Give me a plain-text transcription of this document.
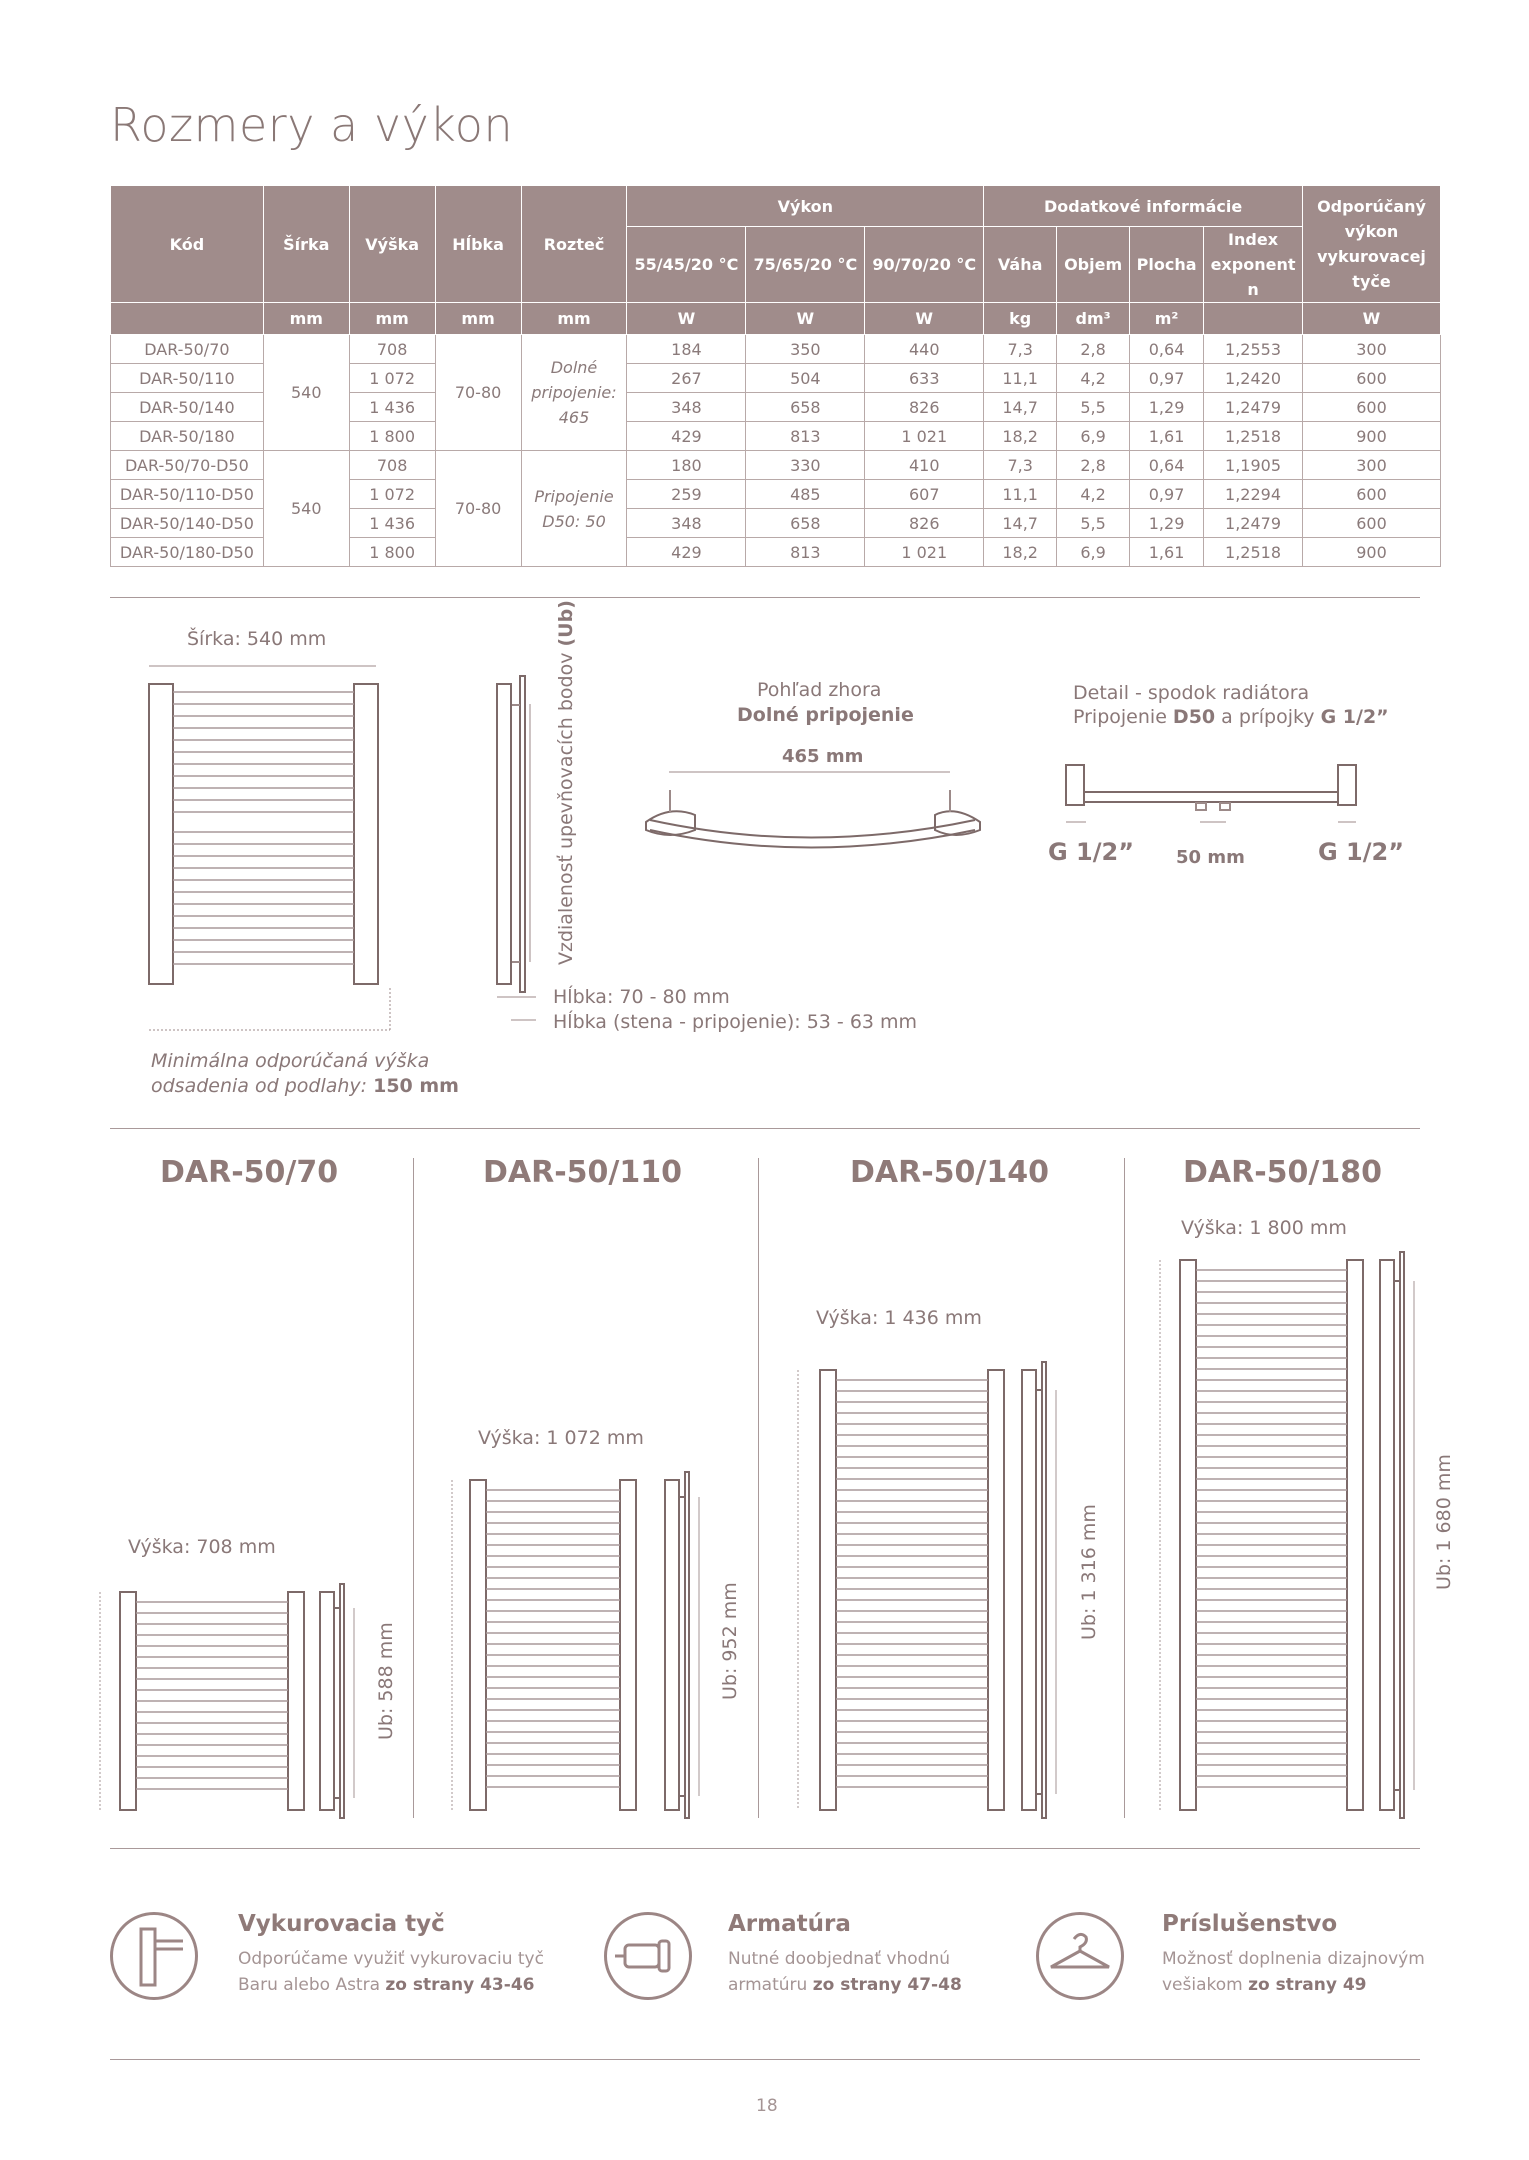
Rozmery a výkon
Kód	Šírka	Výška	Hĺbka	Rozteč	Výkon			Dodatkové informácie				Odporúčaný výkon vykurovacej tyče
					55/45/20 °C	75/65/20 °C	90/70/20 °C	Váha	Objem	Plocha	Index exponent n	
	mm	mm	mm	mm	W	W	W	kg	dm³	m²		W
DAR-50/70	540	708	70-80	Dolné pripojenie: 465	184	350	440	7,3	2,8	0,64	1,2553	300
DAR-50/110		1 072			267	504	633	11,1	4,2	0,97	1,2420	600
DAR-50/140		1 436			348	658	826	14,7	5,5	1,29	1,2479	600
DAR-50/180		1 800			429	813	1 021	18,2	6,9	1,61	1,2518	900
DAR-50/70-D50	540	708	70-80	Pripojenie D50: 50	180	330	410	7,3	2,8	0,64	1,1905	300
DAR-50/110-D50		1 072			259	485	607	11,1	4,2	0,97	1,2294	600
DAR-50/140-D50		1 436			348	658	826	14,7	5,5	1,29	1,2479	600
DAR-50/180-D50		1 800			429	813	1 021	18,2	6,9	1,61	1,2518	900
Šírka: 540 mm
Vzdialenosť upevňovacích bodov (Ub)
Hĺbka: 70 - 80 mm
Hĺbka (stena - pripojenie): 53 - 63 mm
Minimálna odporúčaná výška
odsadenia od podlahy: 150 mm
Pohľad zhora
Dolné pripojenie
465 mm
Detail - spodok radiátora
Pripojenie D50 a prípojky G 1/2”
G 1/2” 50 mm	G 1/2”
DAR-50/70	DAR-50/110	DAR-50/140	DAR-50/180
Výška: 708 mm
Výška: 1 072 mm
Výška: 1 436 mm
Výška: 1 800 mm
Ub: 588 mm	Ub: 952 mm
Ub: 1 316 mm	Ub: 1 680 mm
Vykurovacia tyč
Odporúčame využiť vykurovaciu tyč
Baru alebo Astra zo strany 43-46
Armatúra
Nutné doobjednať vhodnú
armatúru zo strany 47-48
Príslušenstvo
Možnosť doplnenia dizajnovým
vešiakom zo strany 49
18
